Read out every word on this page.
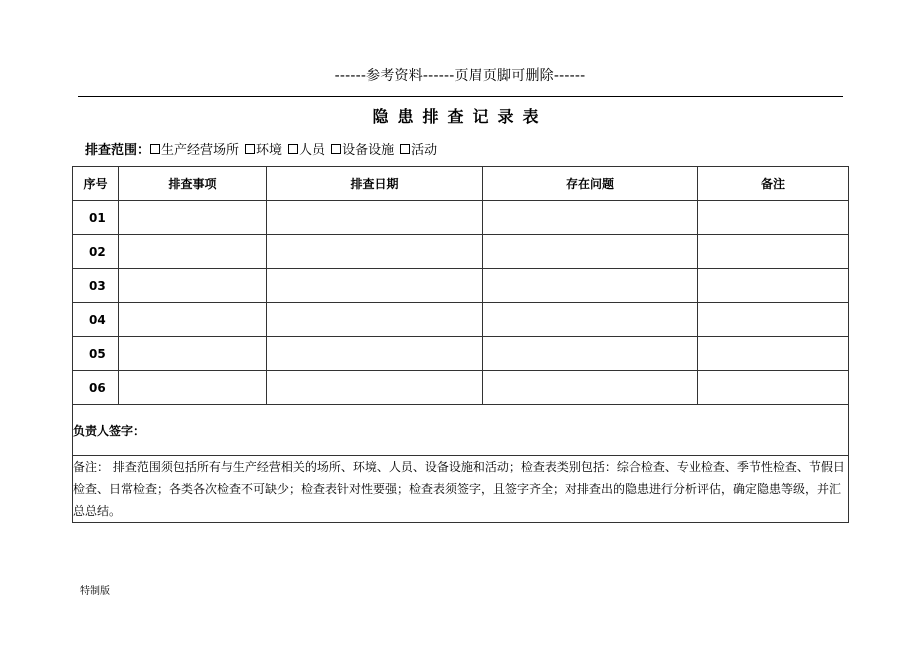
------参考资料------页眉页脚可删除------
隐患排查记录表
排查范围： 生产经营场所 环境 人员 设备设施 活动
序号	排查事项	排查日期	存在问题	备注
01				
02				
03				
04				
05				
06				
负责人签字：				
备注： 排查范围须包括所有与生产经营相关的场所、环境、人员、设备设施和活动；检查表类别包括：综合检查、专业检查、季节性检查、节假日检查、日常检查；各类各次检查不可缺少；检查表针对性要强；检查表须签字，且签字齐全；对排查出的隐患进行分析评估，确定隐患等级，并汇总总结。				
特制版
